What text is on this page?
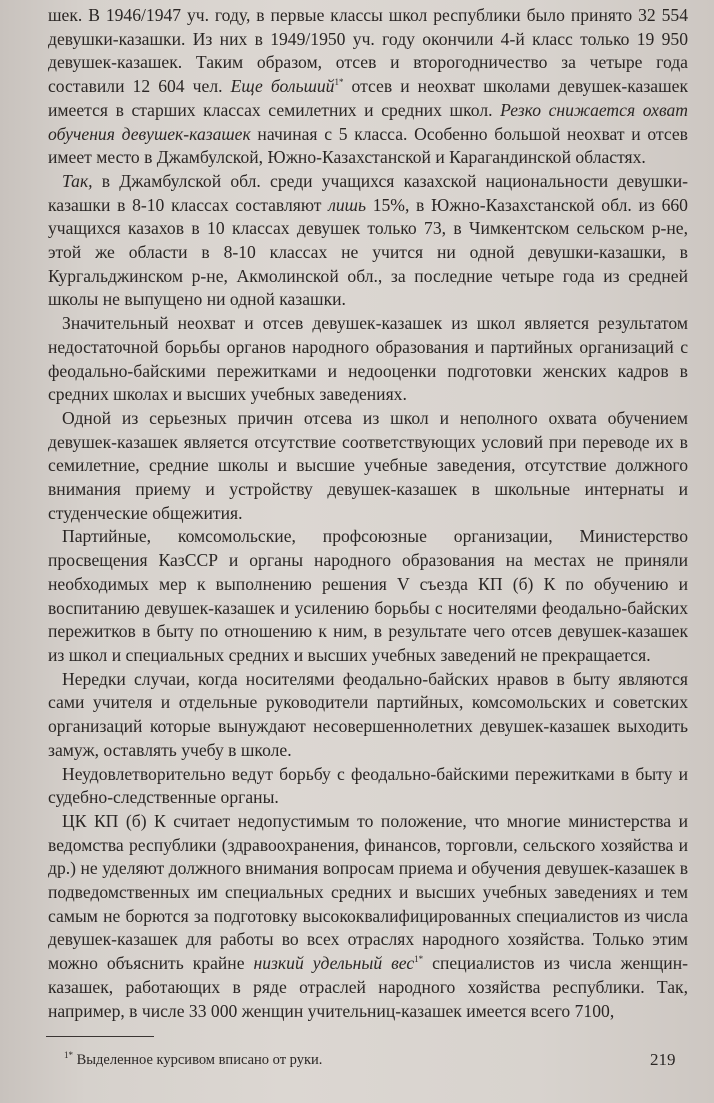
шек. В 1946/1947 уч. году, в первые классы школ республики было принято 32 554 девушки-казашки. Из них в 1949/1950 уч. году окончили 4-й класс только 19 950 девушек-казашек. Таким образом, отсев и второгодничество за четыре года составили 12 604 чел. Еще больший$^{1*}$ отсев и неохват школами девушек-казашек имеется в старших классах семилетних и средних школ. Резко снижается охват обучения девушек-казашек начиная с 5 класса. Особенно большой неохват и отсев имеет место в Джамбулской, Южно-Казахстанской и Карагандинской областях.

Так, в Джамбулской обл. среди учащихся казахской национальности девушки-казашки в 8-10 классах составляют лишь 15%, в Южно-Казахстанской обл. из 660 учащихся казахов в 10 классах девушек только 73, в Чимкентском сельском р-не, этой же области в 8-10 классах не учится ни одной девушки-казашки, в Кургальджинском р-не, Акмолинской обл., за последние четыре года из средней школы не выпущено ни одной казашки.

Значительный неохват и отсев девушек-казашек из школ является результатом недостаточной борьбы органов народного образования и партийных организаций с феодально-байскими пережитками и недооценки подготовки женских кадров в средних школах и высших учебных заведениях.

Одной из серьезных причин отсева из школ и неполного охвата обучением девушек-казашек является отсутствие соответствующих условий при переводе их в семилетние, средние школы и высшие учебные заведения, отсутствие должного внимания приему и устройству девушек-казашек в школьные интернаты и студенческие общежития.

Партийные, комсомольские, профсоюзные организации, Министерство просвещения КазССР и органы народного образования на местах не приняли необходимых мер к выполнению решения V съезда КП (б) К по обучению и воспитанию девушек-казашек и усилению борьбы с носителями феодально-байских пережитков в быту по отношению к ним, в результате чего отсев девушек-казашек из школ и специальных средних и высших учебных заведений не прекращается.

Нередки случаи, когда носителями феодально-байских нравов в быту являются сами учителя и отдельные руководители партийных, комсомольских и советских организаций которые вынуждают несовершеннолетних девушек-казашек выходить замуж, оставлять учебу в школе.

Неудовлетворительно ведут борьбу с феодально-байскими пережитками в быту и судебно-следственные органы.

ЦК КП (б) К считает недопустимым то положение, что многие министерства и ведомства республики (здравоохранения, финансов, торговли, сельского хозяйства и др.) не уделяют должного внимания вопросам приема и обучения девушек-казашек в подведомственных им специальных средних и высших учебных заведениях и тем самым не борются за подготовку высококвалифицированных специалистов из числа девушек-казашек для работы во всех отраслях народного хозяйства. Только этим можно объяснить крайне низкий удельный вес$^{1*}$ специалистов из числа женщин-казашек, работающих в ряде отраслей народного хозяйства республики. Так, например, в числе 33 000 женщин учительниц-казашек имеется всего 7100,

$^{1*}$ Выделенное курсивом вписано от руки.	219
